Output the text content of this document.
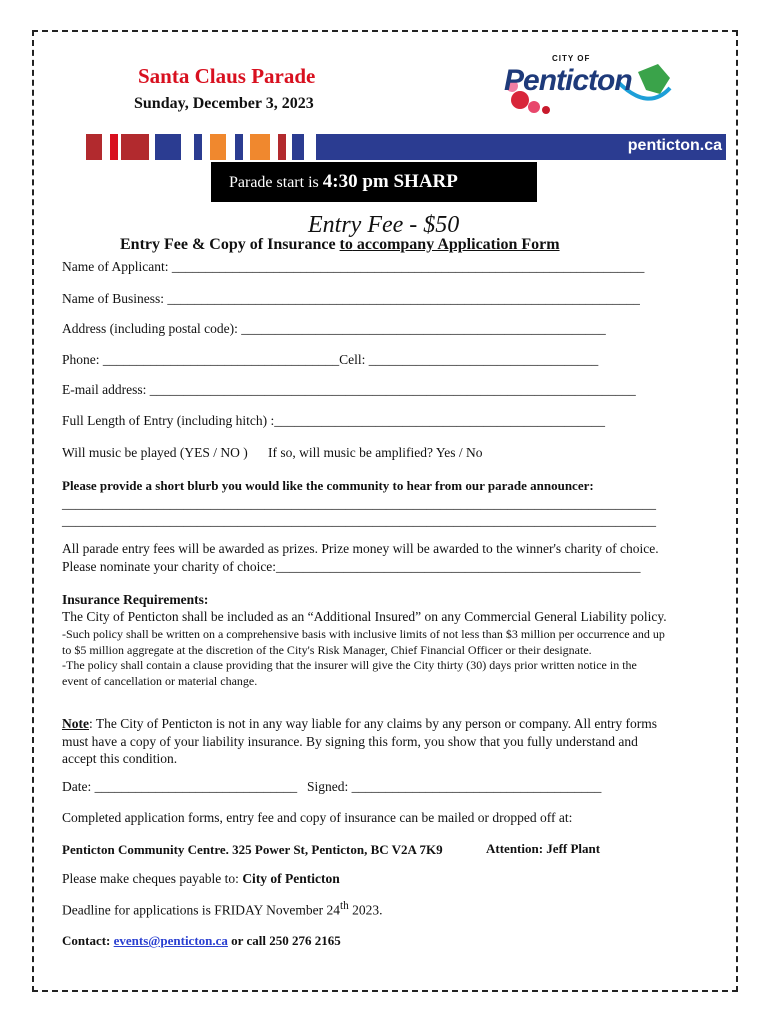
Santa Claus Parade
Sunday, December 3, 2023
CITY OF
Penticton
penticton.ca
Parade start is 4:30 pm SHARP
Entry Fee - $50
Entry Fee & Copy of Insurance to accompany Application Form
Name of Applicant: ______________________________________________________________________
Name of Business: ______________________________________________________________________
Address (including postal code): ______________________________________________________
Phone: ___________________________________Cell: __________________________________
E-mail address: ________________________________________________________________________
Full Length of Entry (including hitch) :_________________________________________________
Will music be played (YES / NO ) If so, will music be amplified? Yes / No
Please provide a short blurb you would like the community to hear from our parade announcer:
________________________________________________________________________________________
________________________________________________________________________________________
All parade entry fees will be awarded as prizes. Prize money will be awarded to the winner's charity of choice.
Please nominate your charity of choice:______________________________________________________
Insurance Requirements:
The City of Penticton shall be included as an “Additional Insured” on any Commercial General Liability policy.
-Such policy shall be written on a comprehensive basis with inclusive limits of not less than $3 million per occurrence and up
to $5 million aggregate at the discretion of the City's Risk Manager, Chief Financial Officer or their designate.
-The policy shall contain a clause providing that the insurer will give the City thirty (30) days prior written notice in the
event of cancellation or material change.
Note: The City of Penticton is not in any way liable for any claims by any person or company. All entry forms
must have a copy of your liability insurance. By signing this form, you show that you fully understand and
accept this condition.
Date: ______________________________ Signed: _____________________________________
Completed application forms, entry fee and copy of insurance can be mailed or dropped off at:
Penticton Community Centre. 325 Power St, Penticton, BC V2A 7K9	Attention: Jeff Plant
Please make cheques payable to: City of Penticton
Deadline for applications is FRIDAY November 24th 2023.
Contact: events@penticton.ca or call 250 276 2165
